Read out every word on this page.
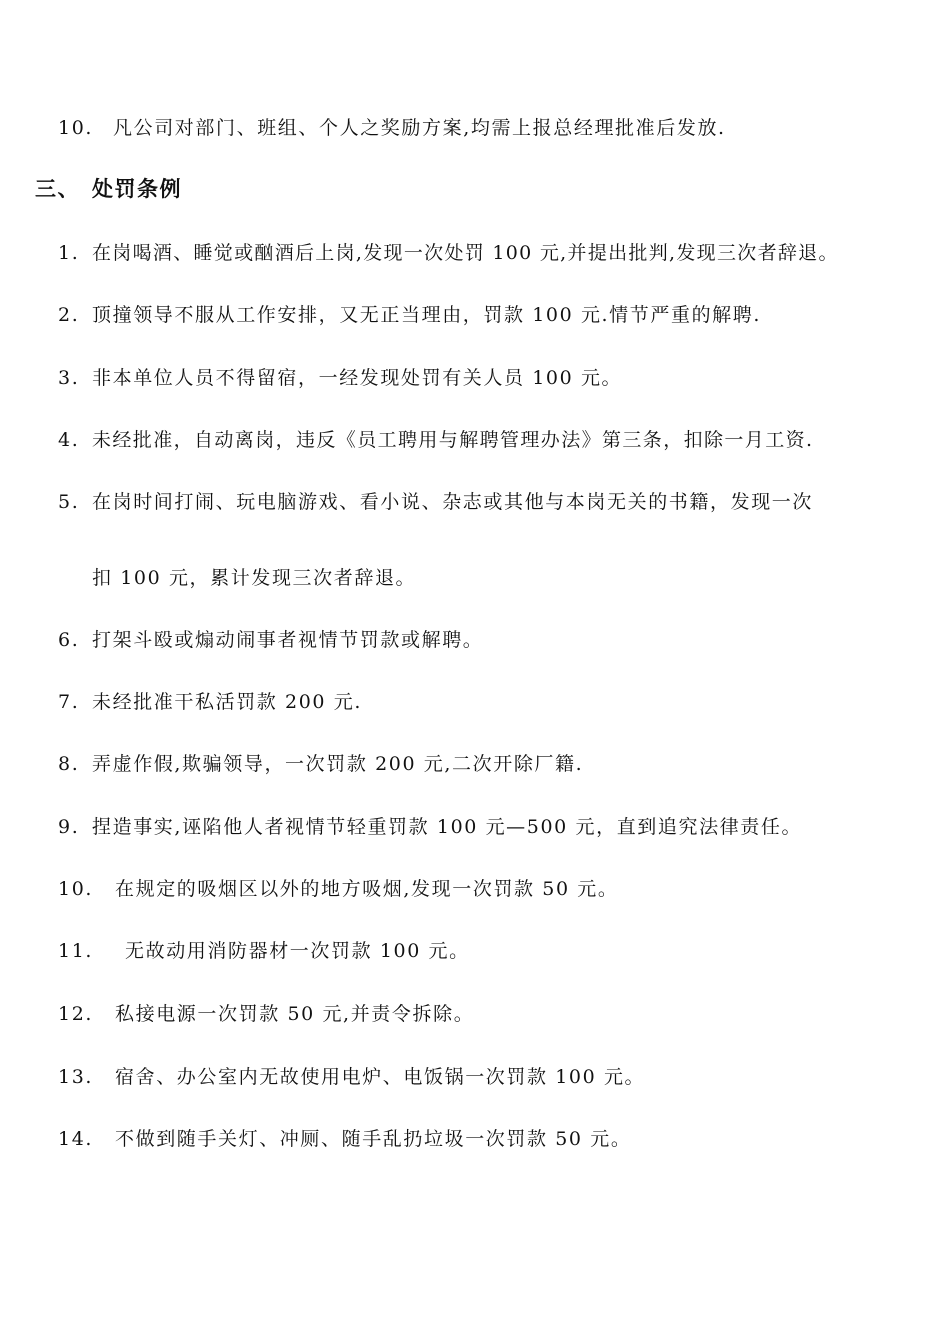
10. 凡公司对部门、班组、个人之奖励方案,均需上报总经理批准后发放.
三、 处罚条例
1. 在岗喝酒、睡觉或酗酒后上岗,发现一次处罚 100 元,并提出批判,发现三次者辞退。
2. 顶撞领导不服从工作安排，又无正当理由，罚款 100 元.情节严重的解聘.
3. 非本单位人员不得留宿，一经发现处罚有关人员 100 元。
4. 未经批准，自动离岗，违反《员工聘用与解聘管理办法》第三条，扣除一月工资.
5. 在岗时间打闹、玩电脑游戏、看小说、杂志或其他与本岗无关的书籍，发现一次
扣 100 元，累计发现三次者辞退。
6. 打架斗殴或煽动闹事者视情节罚款或解聘。
7. 未经批准干私活罚款 200 元.
8. 弄虚作假,欺骗领导，一次罚款 200 元,二次开除厂籍.
9. 捏造事实,诬陷他人者视情节轻重罚款 100 元—500 元，直到追究法律责任。
10. 在规定的吸烟区以外的地方吸烟,发现一次罚款 50 元。
11. 无故动用消防器材一次罚款 100 元。
12. 私接电源一次罚款 50 元,并责令拆除。
13. 宿舍、办公室内无故使用电炉、电饭锅一次罚款 100 元。
14. 不做到随手关灯、冲厕、随手乱扔垃圾一次罚款 50 元。
